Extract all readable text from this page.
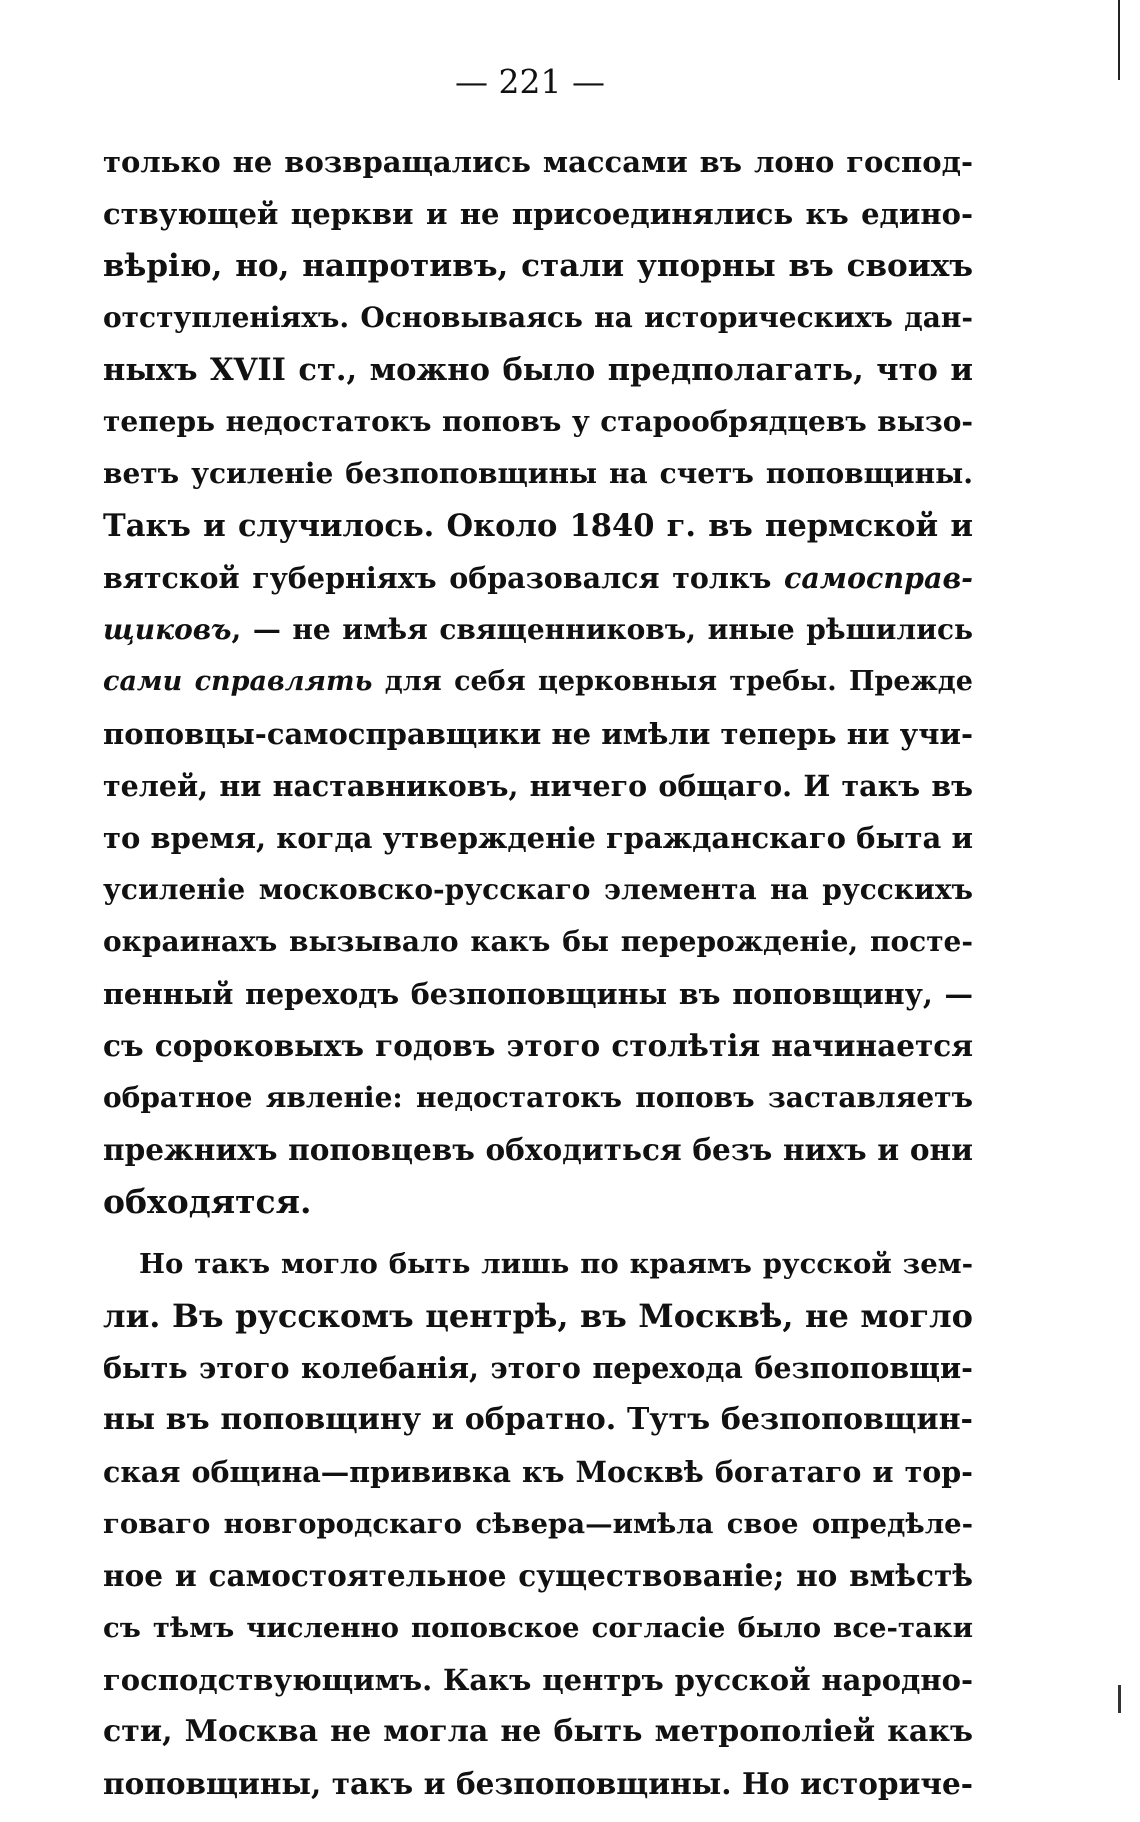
— 221 —
только не возвращались массами въ лоно господ-
ствующей церкви и не присоединялись къ едино-
вѣрію, но, напротивъ, стали упорны въ своихъ
отступленіяхъ. Основываясь на историческихъ дан-
ныхъ XVII ст., можно было предполагать, что и
теперь недостатокъ поповъ у старообрядцевъ вызо-
ветъ усиленіе безпоповщины на счетъ поповщины.
Такъ и случилось. Около 1840 г. въ пермской и
вятской губерніяхъ образовался толкъ самосправ-
щиковъ, — не имѣя священниковъ, иные рѣшились
сами справлять для себя церковныя требы. Прежде
поповцы-самосправщики не имѣли теперь ни учи-
телей, ни наставниковъ, ничего общаго. И такъ въ
то время, когда утвержденіе гражданскаго быта и
усиленіе московско-русскаго элемента на русскихъ
окраинахъ вызывало какъ бы перерожденіе, посте-
пенный переходъ безпоповщины въ поповщину, —
съ сороковыхъ годовъ этого столѣтія начинается
обратное явленіе: недостатокъ поповъ заставляетъ
прежнихъ поповцевъ обходиться безъ нихъ и они
обходятся.
Но такъ могло быть лишь по краямъ русской зем-
ли. Въ русскомъ центрѣ, въ Москвѣ, не могло
быть этого колебанія, этого перехода безпоповщи-
ны въ поповщину и обратно. Тутъ безпоповщин-
ская община—прививка къ Москвѣ богатаго и тор-
говаго новгородскаго сѣвера—имѣла свое опредѣле-
ное и самостоятельное существованіе; но вмѣстѣ
съ тѣмъ численно поповское согласіе было все-таки
господствующимъ. Какъ центръ русской народно-
сти, Москва не могла не быть метрополіей какъ
поповщины, такъ и безпоповщины. Но историче-
